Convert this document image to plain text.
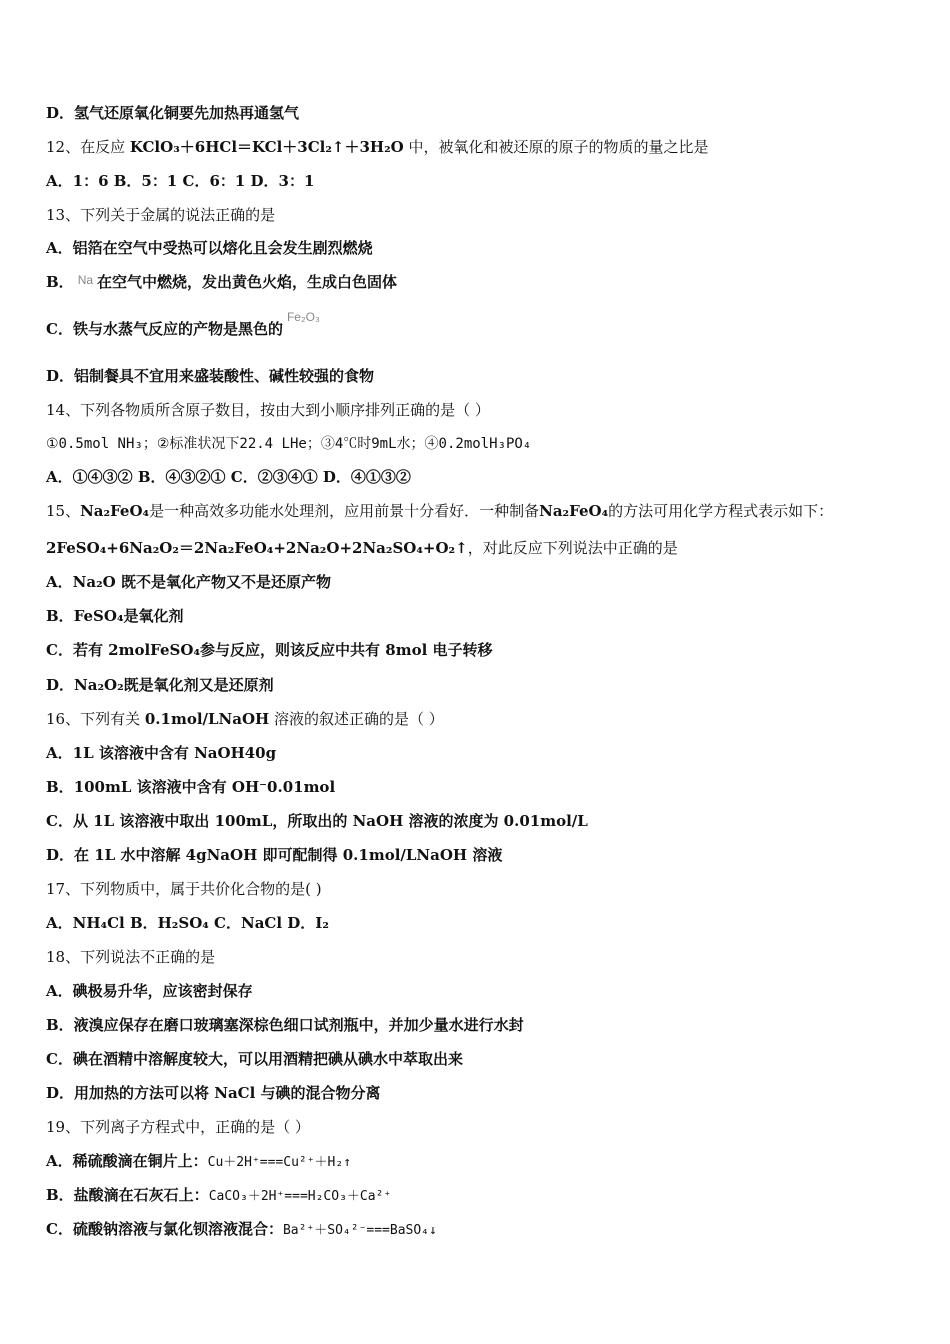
D．氢气还原氧化铜要先加热再通氢气
12、在反应 KClO₃＋6HCl＝KCl＋3Cl₂↑＋3H₂O 中，被氧化和被还原的原子的物质的量之比是
A．1：6 B．5：1 C．6：1 D．3：1
13、下列关于金属的说法正确的是
A．铝箔在空气中受热可以熔化且会发生剧烈燃烧
B． $^{Na}$ 在空气中燃烧，发出黄色火焰，生成白色固体
C．铁与水蒸气反应的产物是黑色的$^{Fe_2O_3}$
D．铝制餐具不宜用来盛装酸性、碱性较强的食物
14、下列各物质所含原子数目，按由大到小顺序排列正确的是（ ）
①0.5mol NH₃；②标准状况下22.4 LHe；③4℃时9mL水；④0.2molH₃PO₄
A．①④③② B．④③②① C．②③④① D．④①③②
15、Na₂FeO₄是一种高效多功能水处理剂，应用前景十分看好．一种制备Na₂FeO₄的方法可用化学方程式表示如下：
2FeSO₄+6Na₂O₂＝2Na₂FeO₄+2Na₂O+2Na₂SO₄+O₂↑，对此反应下列说法中正确的是
A．Na₂O 既不是氧化产物又不是还原产物
B．FeSO₄是氧化剂
C．若有 2molFeSO₄参与反应，则该反应中共有 8mol 电子转移
D．Na₂O₂既是氧化剂又是还原剂
16、下列有关 0.1mol/LNaOH 溶液的叙述正确的是（ ）
A．1L 该溶液中含有 NaOH40g
B．100mL 该溶液中含有 OH⁻0.01mol
C．从 1L 该溶液中取出 100mL，所取出的 NaOH 溶液的浓度为 0.01mol/L
D．在 1L 水中溶解 4gNaOH 即可配制得 0.1mol/LNaOH 溶液
17、下列物质中，属于共价化合物的是( )
A．NH₄Cl B．H₂SO₄ C．NaCl D．I₂
18、下列说法不正确的是
A．碘极易升华，应该密封保存
B．液溴应保存在磨口玻璃塞深棕色细口试剂瓶中，并加少量水进行水封
C．碘在酒精中溶解度较大，可以用酒精把碘从碘水中萃取出来
D．用加热的方法可以将 NaCl 与碘的混合物分离
19、下列离子方程式中，正确的是（ ）
A．稀硫酸滴在铜片上：Cu＋2H⁺===Cu²⁺＋H₂↑
B．盐酸滴在石灰石上：CaCO₃＋2H⁺===H₂CO₃＋Ca²⁺
C．硫酸钠溶液与氯化钡溶液混合：Ba²⁺＋SO₄²⁻===BaSO₄↓
